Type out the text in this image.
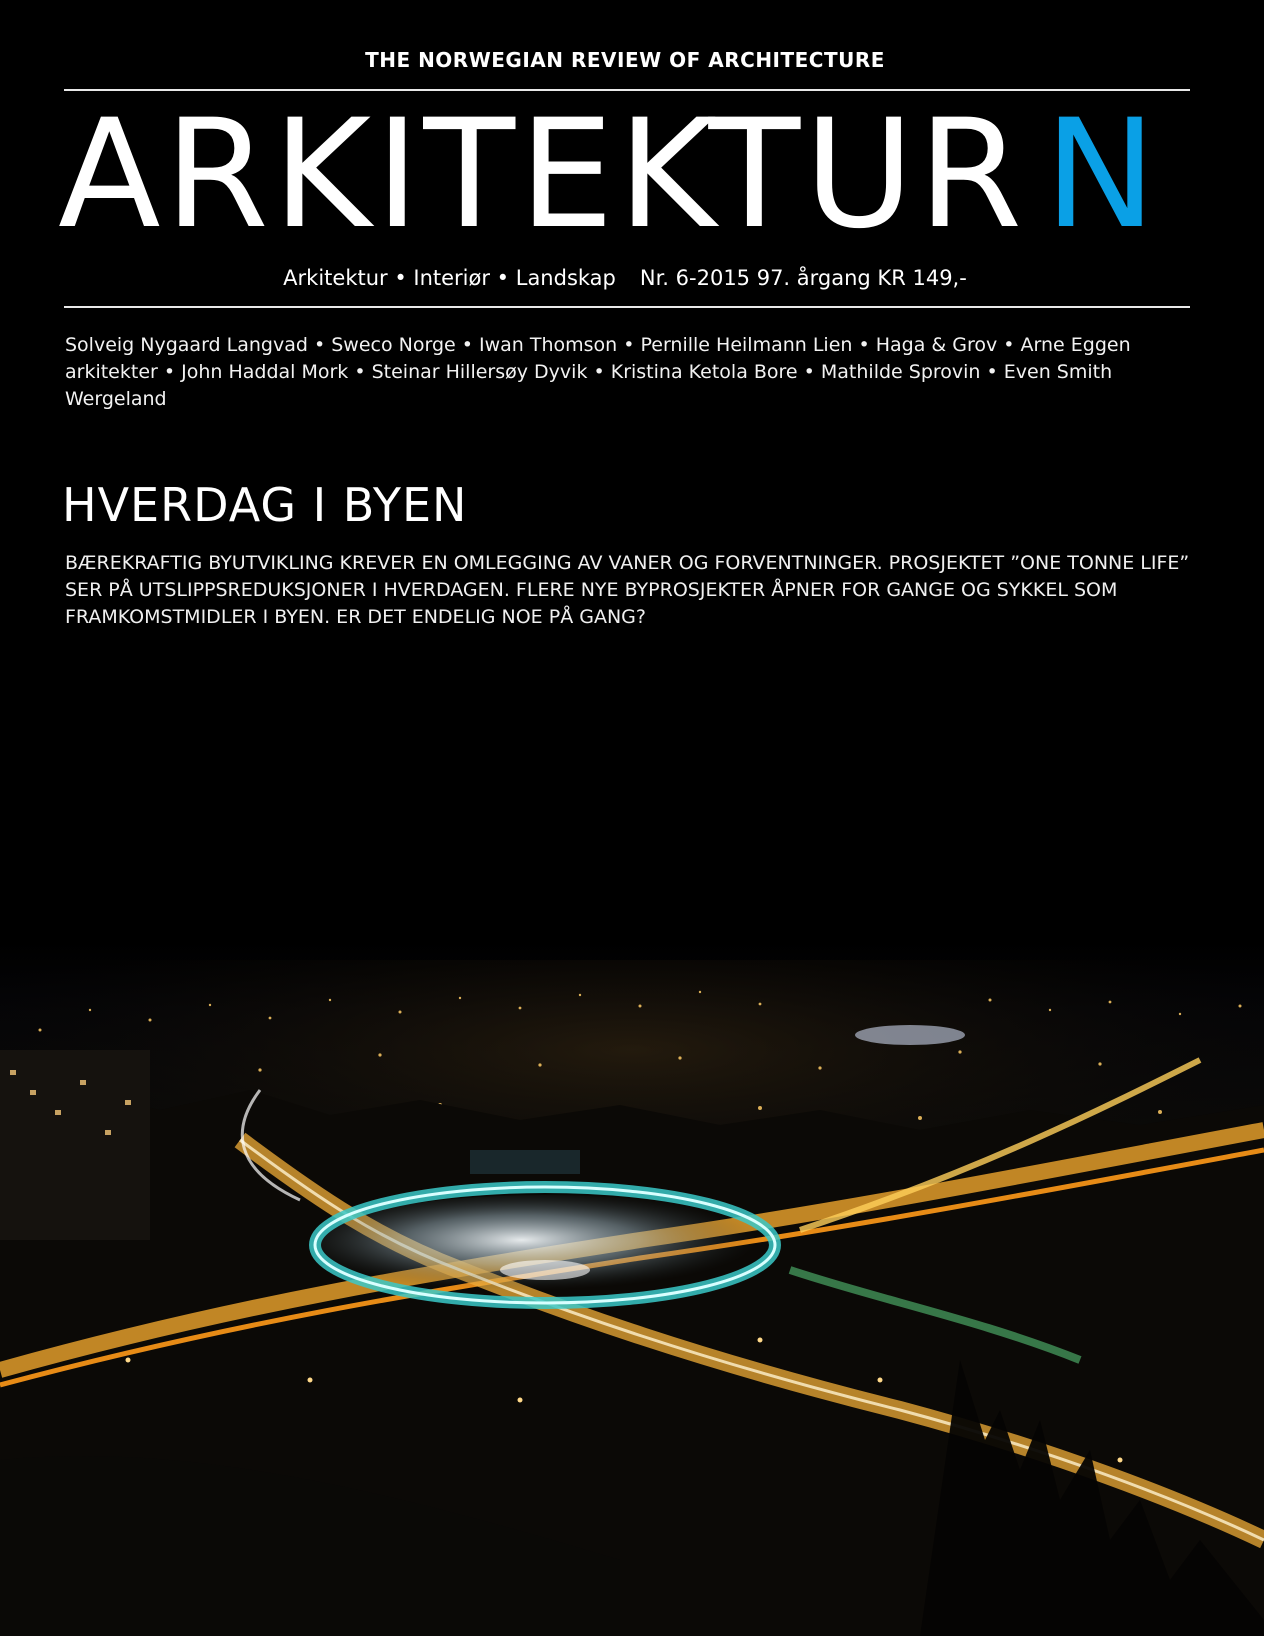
THE NORWEGIAN REVIEW OF ARCHITECTURE
ARKITEKTUR N
Arkitektur • Interiør • Landskap Nr. 6-2015 97. årgang KR 149,-
Solveig Nygaard Langvad • Sweco Norge • Iwan Thomson • Pernille Heilmann Lien • Haga & Grov • Arne Eggen arkitekter • John Haddal Mork • Steinar Hillersøy Dyvik • Kristina Ketola Bore • Mathilde Sprovin • Even Smith Wergeland
HVERDAG I BYEN
BÆREKRAFTIG BYUTVIKLING KREVER EN OMLEGGING AV VANER OG FORVENTNINGER. PROSJEKTET ”ONE TONNE LIFE” SER PÅ UTSLIPPSREDUKSJONER I HVERDAGEN. FLERE NYE BYPROSJEKTER ÅPNER FOR GANGE OG SYKKEL SOM FRAMKOMSTMIDLER I BYEN. ER DET ENDELIG NOE PÅ GANG?
